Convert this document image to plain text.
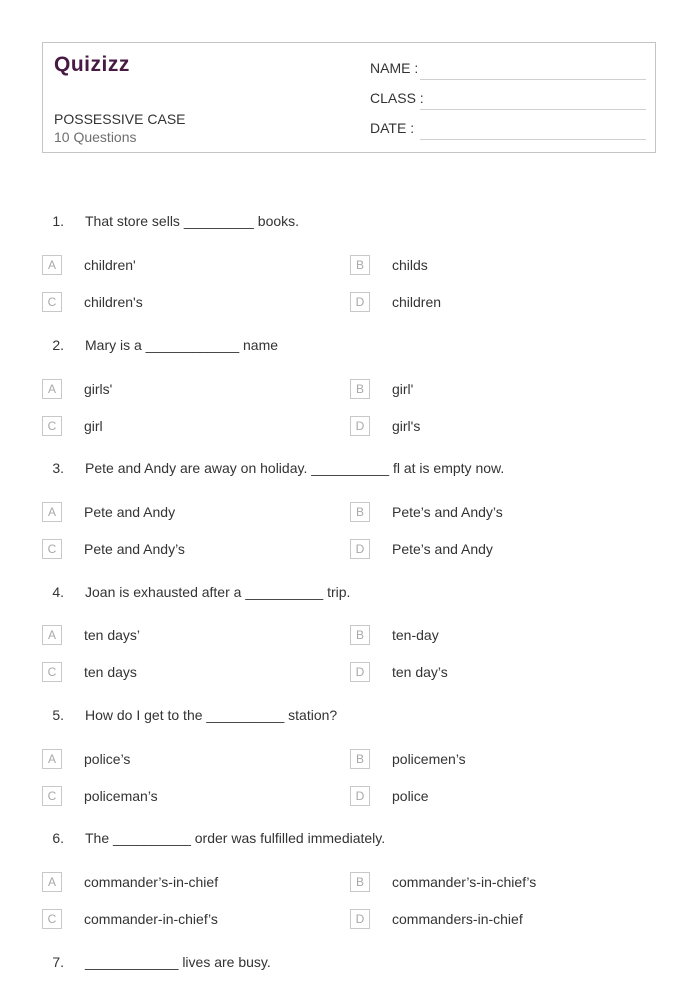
Quizizz
POSSESSIVE CASE
10 Questions
NAME :
CLASS :
DATE :
1. That store sells _________ books.
A	children'	B	childs
C	children's	D	children
2. Mary is a ____________ name
A	girls'	B	girl'
C	girl	D	girl's
3. Pete and Andy are away on holiday. __________ fl at is empty now.
A	Pete and Andy	B	Pete’s and Andy’s
C	Pete and Andy’s	D	Pete’s and Andy
4. Joan is exhausted after a __________ trip.
A	ten days’	B	ten-day
C	ten days	D	ten day’s
5. How do I get to the __________ station?
A	police’s	B	policemen’s
C	policeman’s	D	police
6. The __________ order was fulfilled immediately.
A	commander’s-in-chief	B	commander’s-in-chief’s
C	commander-in-chief’s	D	commanders-in-chief
7. ____________ lives are busy.
